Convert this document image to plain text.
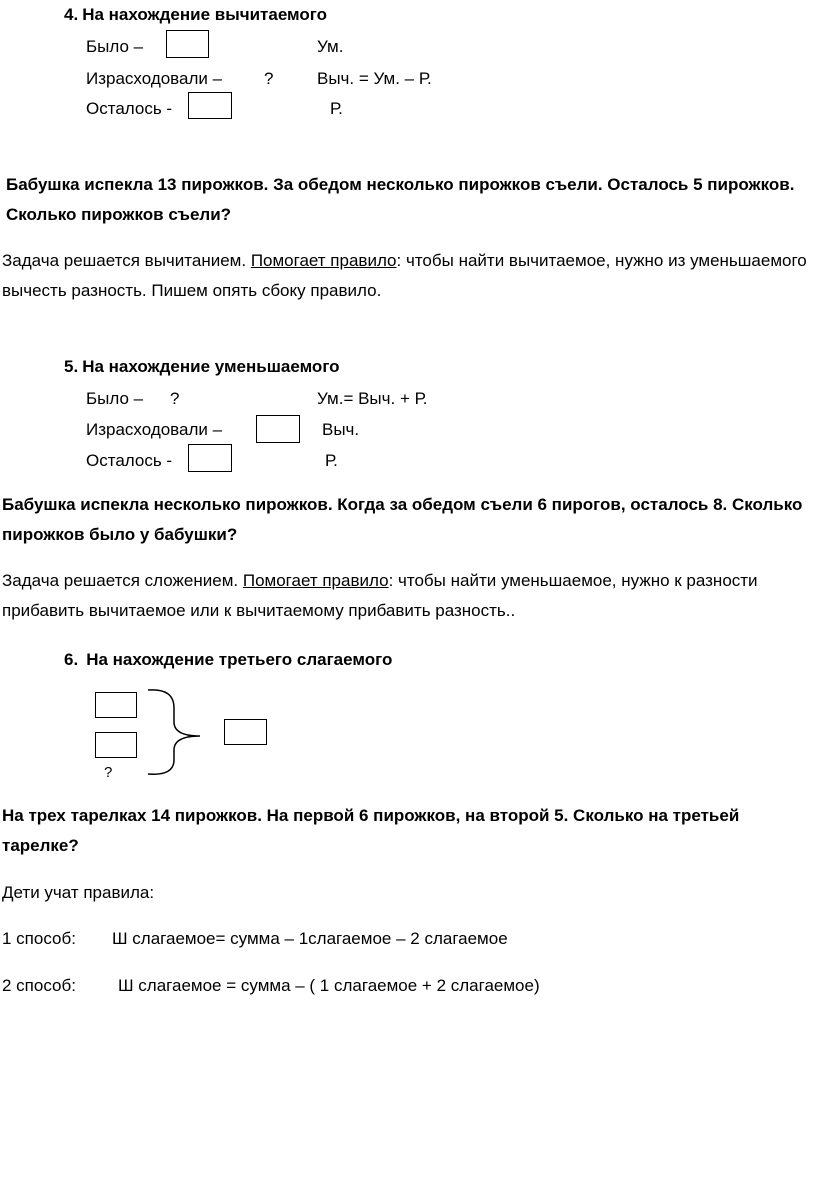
4. На нахождение вычитаемого
Было –	Ум.
Израсходовали – ?	Выч. = Ум. – Р.
Осталось -	Р.
Бабушка испекла 13 пирожков. За обедом несколько пирожков съели. Осталось 5 пирожков. Сколько пирожков съели?
Задача решается вычитанием. Помогает правило: чтобы найти вычитаемое, нужно из уменьшаемого вычесть разность. Пишем опять сбоку правило.
5. На нахождение уменьшаемого
Было – ?	Ум.= Выч. + Р.
Израсходовали –	Выч.
Осталось -	Р.
Бабушка испекла несколько пирожков. Когда за обедом съели 6 пирогов, осталось 8. Сколько пирожков было у бабушки?
Задача решается сложением. Помогает правило: чтобы найти уменьшаемое, нужно к разности прибавить вычитаемое или к вычитаемому прибавить разность..
6. На нахождение третьего слагаемого
?
На трех тарелках 14 пирожков. На первой 6 пирожков, на второй 5. Сколько на третьей тарелке?
Дети учат правила:
1 способ: Ш слагаемое= сумма – 1слагаемое – 2 слагаемое
2 способ: Ш слагаемое = сумма – ( 1 слагаемое + 2 слагаемое)
